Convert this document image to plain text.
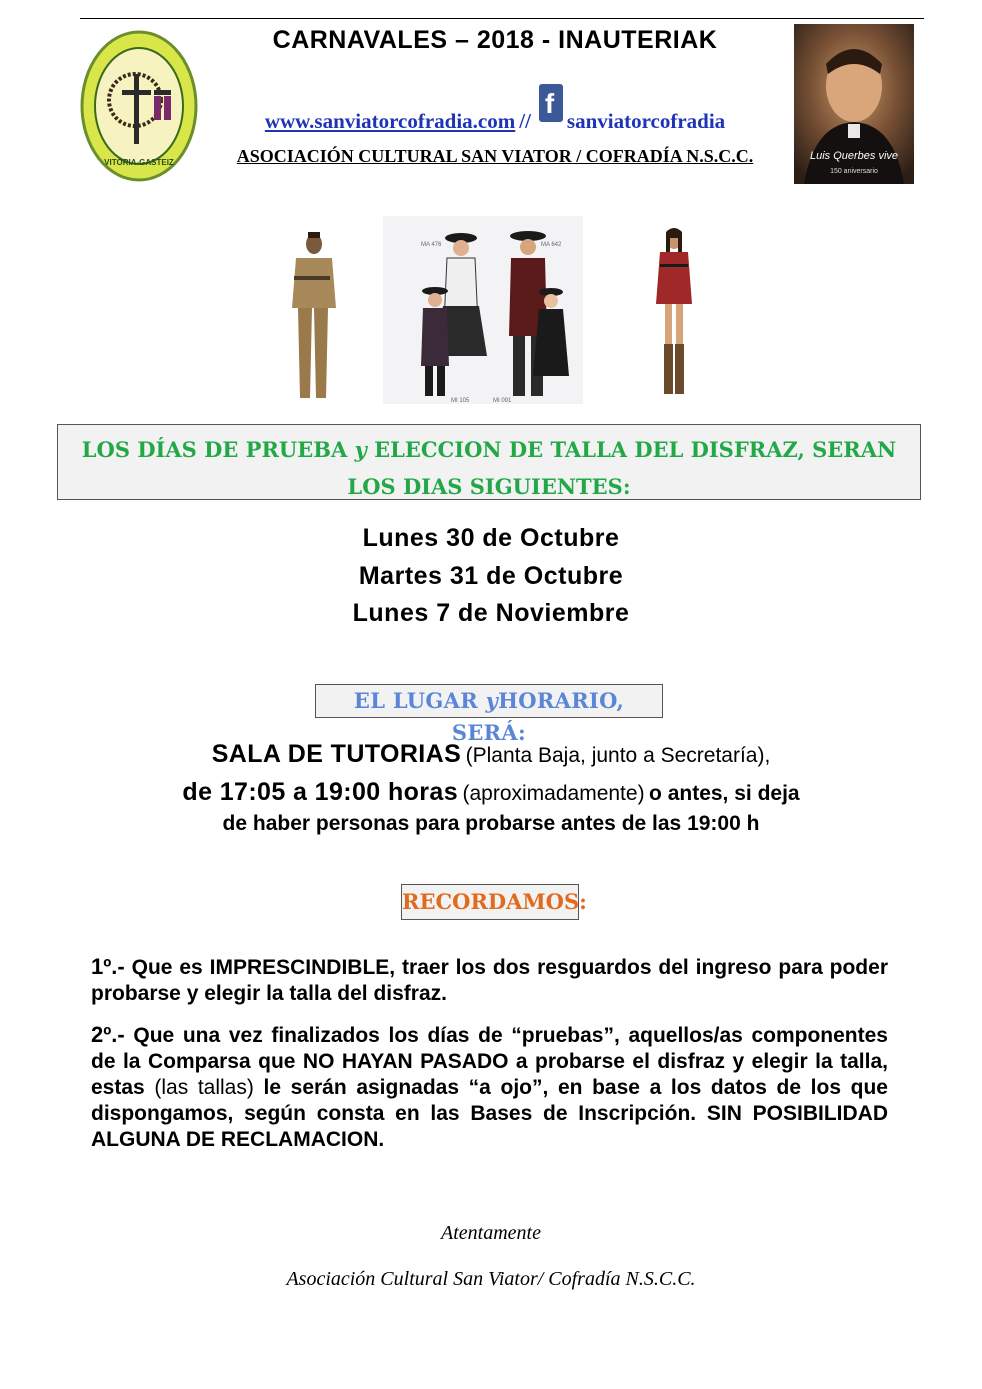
VITORIA-GASTEIZ
CARNAVALES – 2018 - INAUTERIAK
www.sanviatorcofradia.com //
f
sanviatorcofradia
ASOCIACIÓN CULTURAL SAN VIATOR / COFRADÍA N.S.C.C.	Luis Querbes vive
150 aniversario
MA 476	MA 642
MI 105	MI 091
LOS DÍAS DE PRUEBA y ELECCION DE TALLA DEL DISFRAZ, SERAN
LOS DIAS SIGUIENTES:
Lunes 30 de Octubre
Martes 31 de Octubre
Lunes 7 de Noviembre
EL LUGAR yHORARIO, SERÁ:
SALA DE TUTORIAS (Planta Baja, junto a Secretaría),
de 17:05 a 19:00 horas (aproximadamente) o antes, si deja
de haber personas para probarse antes de las 19:00 h
RECORDAMOS:
1º.- Que es IMPRESCINDIBLE, traer los dos resguardos del ingreso para poder probarse y elegir la talla del disfraz.
2º.- Que una vez finalizados los días de “pruebas”, aquellos/as componentes de la Comparsa que NO HAYAN PASADO a probarse el disfraz y elegir la talla, estas (las tallas) le serán asignadas “a ojo”, en base a los datos de los que dispongamos, según consta en las Bases de Inscripción. SIN POSIBILIDAD ALGUNA DE RECLAMACION.
Atentamente
Asociación Cultural San Viator/ Cofradía N.S.C.C.
